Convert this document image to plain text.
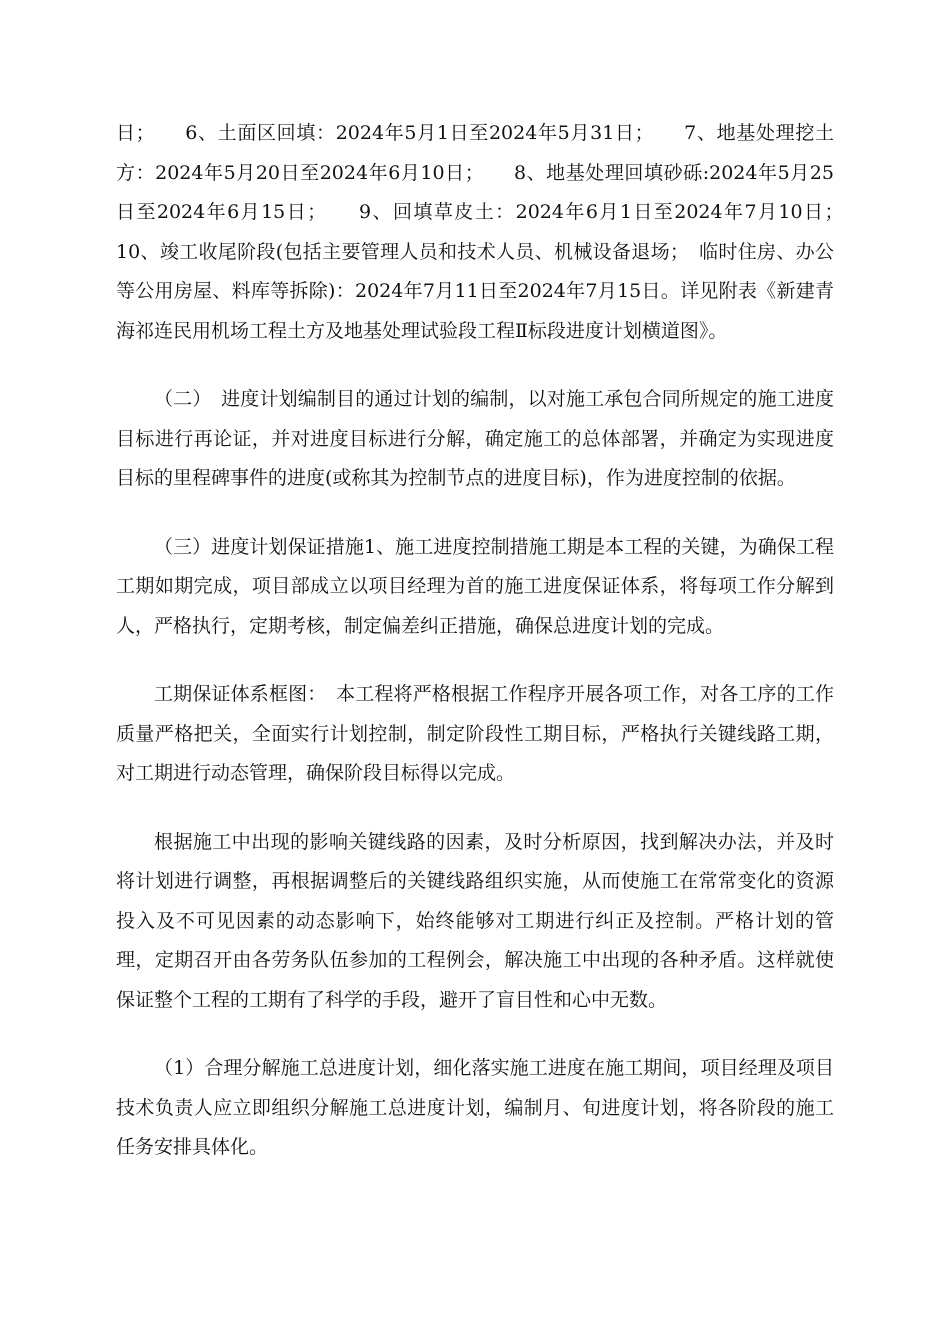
日；　　6、土面区回填：2024年5月1日至2024年5月31日；　　7、地基处理挖土方：2024年5月20日至2024年6月10日；　　8、地基处理回填砂砾:2024年5月25日至2024年6月15日；　　9、回填草皮土：2024年6月1日至2024年7月10日；　　10、竣工收尾阶段(包括主要管理人员和技术人员、机械设备退场；　临时住房、办公等公用房屋、料库等拆除)：2024年7月11日至2024年7月15日。详见附表《新建青海祁连民用机场工程土方及地基处理试验段工程Ⅱ标段进度计划横道图》。

（二）　进度计划编制目的通过计划的编制，以对施工承包合同所规定的施工进度目标进行再论证，并对进度目标进行分解，确定施工的总体部署，并确定为实现进度目标的里程碑事件的进度(或称其为控制节点的进度目标)，作为进度控制的依据。

（三）进度计划保证措施1、施工进度控制措施工期是本工程的关键，为确保工程工期如期完成，项目部成立以项目经理为首的施工进度保证体系，将每项工作分解到人，严格执行，定期考核，制定偏差纠正措施，确保总进度计划的完成。

工期保证体系框图：　本工程将严格根据工作程序开展各项工作，对各工序的工作质量严格把关，全面实行计划控制，制定阶段性工期目标，严格执行关键线路工期，对工期进行动态管理，确保阶段目标得以完成。

根据施工中出现的影响关键线路的因素，及时分析原因，找到解决办法，并及时将计划进行调整，再根据调整后的关键线路组织实施，从而使施工在常常变化的资源投入及不可见因素的动态影响下，始终能够对工期进行纠正及控制。严格计划的管理，定期召开由各劳务队伍参加的工程例会，解决施工中出现的各种矛盾。这样就使保证整个工程的工期有了科学的手段，避开了盲目性和心中无数。

（1）合理分解施工总进度计划，细化落实施工进度在施工期间，项目经理及项目技术负责人应立即组织分解施工总进度计划，编制月、旬进度计划，将各阶段的施工任务安排具体化。
